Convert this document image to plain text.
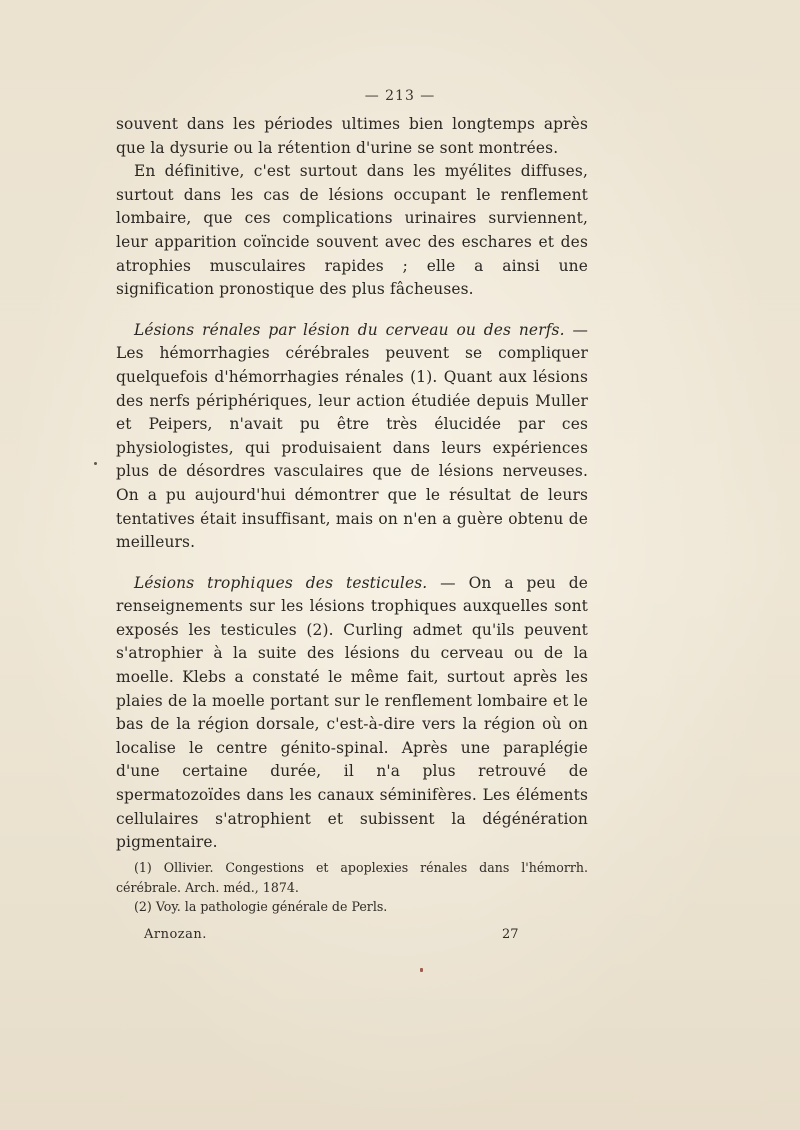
— 213 —

souvent dans les périodes ultimes bien longtemps après que la dysurie ou la rétention d'urine se sont montrées.

En définitive, c'est surtout dans les myélites diffuses, surtout dans les cas de lésions occupant le renflement lombaire, que ces complications urinaires surviennent, leur apparition coïncide souvent avec des eschares et des atrophies musculaires rapides ; elle a ainsi une signification pronostique des plus fâcheuses.

Lésions rénales par lésion du cerveau ou des nerfs. — Les hémorrhagies cérébrales peuvent se compliquer quelquefois d'hémorrhagies rénales (1). Quant aux lésions des nerfs périphériques, leur action étudiée depuis Muller et Peipers, n'avait pu être très élucidée par ces physiologistes, qui produisaient dans leurs expériences plus de désordres vasculaires que de lésions nerveuses. On a pu aujourd'hui démontrer que le résultat de leurs tentatives était insuffisant, mais on n'en a guère obtenu de meilleurs.

Lésions trophiques des testicules. — On a peu de renseignements sur les lésions trophiques auxquelles sont exposés les testicules (2). Curling admet qu'ils peuvent s'atrophier à la suite des lésions du cerveau ou de la moelle. Klebs a constaté le même fait, surtout après les plaies de la moelle portant sur le renflement lombaire et le bas de la région dorsale, c'est-à-dire vers la région où on localise le centre génito-spinal. Après une paraplégie d'une certaine durée, il n'a plus retrouvé de spermatozoïdes dans les canaux séminifères. Les éléments cellulaires s'atrophient et subissent la dégénération pigmentaire.

(1) Ollivier. Congestions et apoplexies rénales dans l'hémorrh. cérébrale. Arch. méd., 1874.

(2) Voy. la pathologie générale de Perls.

Arnozan.	27
